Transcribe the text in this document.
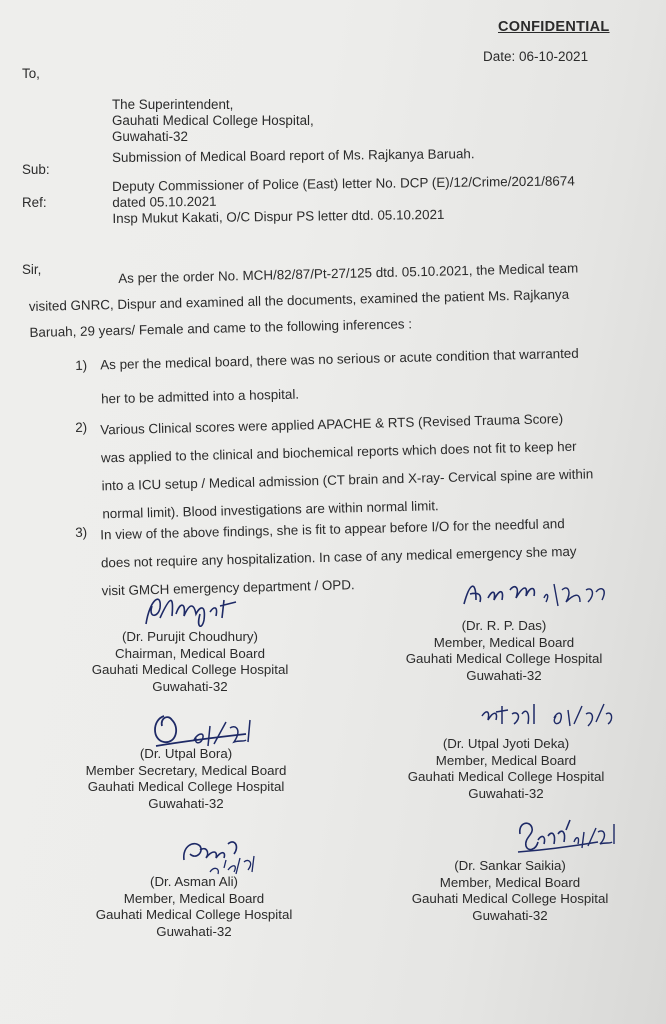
CONFIDENTIAL
Date: 06-10-2021
To,
The Superintendent,
Gauhati Medical College Hospital,
Guwahati-32
Sub:
Submission of Medical Board report of Ms. Rajkanya Baruah.
Ref:
Deputy Commissioner of Police (East) letter No. DCP (E)/12/Crime/2021/8674
dated 05.10.2021
Insp Mukut Kakati, O/C Dispur PS letter dtd. 05.10.2021
Sir,	As per the order No. MCH/82/87/Pt-27/125 dtd. 05.10.2021, the Medical team
visited GNRC, Dispur and examined all the documents, examined the patient Ms. Rajkanya
Baruah, 29 years/ Female and came to the following inferences :
1) As per the medical board, there was no serious or acute condition that warranted
her to be admitted into a hospital.
2) Various Clinical scores were applied APACHE & RTS (Revised Trauma Score)
was applied to the clinical and biochemical reports which does not fit to keep her
into a ICU setup / Medical admission (CT brain and X-ray- Cervical spine are within
normal limit). Blood investigations are within normal limit.
3) In view of the above findings, she is fit to appear before I/O for the needful and
does not require any hospitalization. In case of any medical emergency she may
visit GMCH emergency department / OPD.
(Dr. Purujit Choudhury)
Chairman, Medical Board
Gauhati Medical College Hospital
Guwahati-32
(Dr. R. P. Das)
Member, Medical Board
Gauhati Medical College Hospital
Guwahati-32
(Dr. Utpal Bora)
Member Secretary, Medical Board
Gauhati Medical College Hospital
Guwahati-32
(Dr. Utpal Jyoti Deka)
Member, Medical Board
Gauhati Medical College Hospital
Guwahati-32
(Dr. Asman Ali)
Member, Medical Board
Gauhati Medical College Hospital
Guwahati-32
(Dr. Sankar Saikia)
Member, Medical Board
Gauhati Medical College Hospital
Guwahati-32
